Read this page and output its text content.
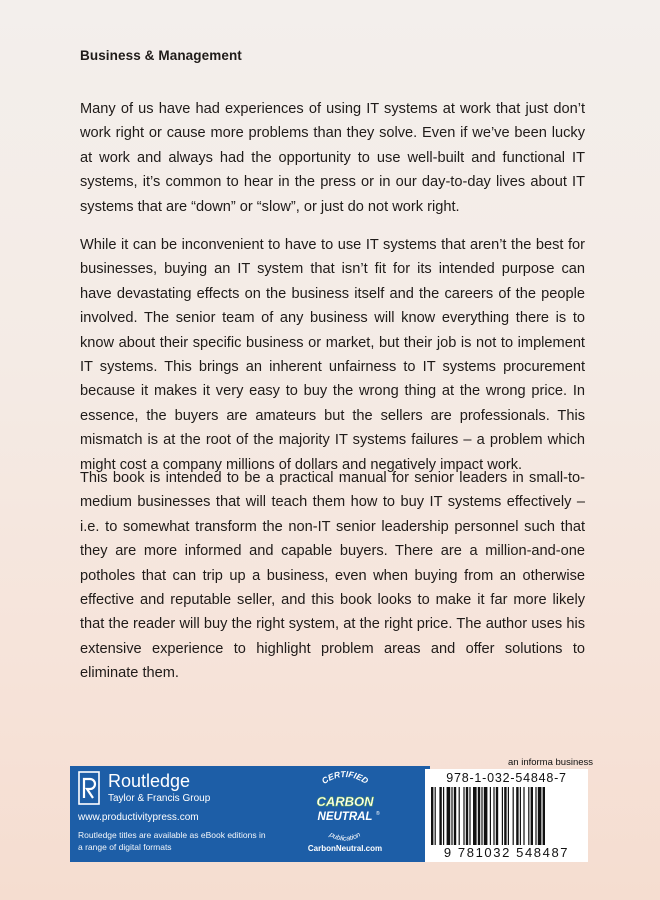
Business & Management

Many of us have had experiences of using IT systems at work that just don’t work right or cause more problems than they solve. Even if we’ve been lucky at work and always had the opportunity to use well-built and functional IT systems, it’s common to hear in the press or in our day-to-day lives about IT systems that are “down” or “slow”, or just do not work right.

While it can be inconvenient to have to use IT systems that aren’t the best for businesses, buying an IT system that isn’t fit for its intended purpose can have devastating effects on the business itself and the careers of the people involved. The senior team of any business will know everything there is to know about their specific business or market, but their job is not to implement IT systems. This brings an inherent unfairness to IT systems procurement because it makes it very easy to buy the wrong thing at the wrong price. In essence, the buyers are amateurs but the sellers are professionals. This mismatch is at the root of the majority IT systems failures – a problem which might cost a company millions of dollars and negatively impact work.

This book is intended to be a practical manual for senior leaders in small-to-medium businesses that will teach them how to buy IT systems effectively – i.e. to somewhat transform the non-IT senior leadership personnel such that they are more informed and capable buyers. There are a million-and-one potholes that can trip up a business, even when buying from an otherwise effective and reputable seller, and this book looks to make it far more likely that the reader will buy the right system, at the right price. The author uses his extensive experience to highlight problem areas and offer solutions to eliminate them.

an informa business
Routledge
Taylor & Francis Group
www.productivitypress.com
Routledge titles are available as eBook editions in a range of digital formats
CERTIFIED
CARBON
NEUTRAL ®
publication
CarbonNeutral.com
978-1-032-54848-7
9 781032 548487
